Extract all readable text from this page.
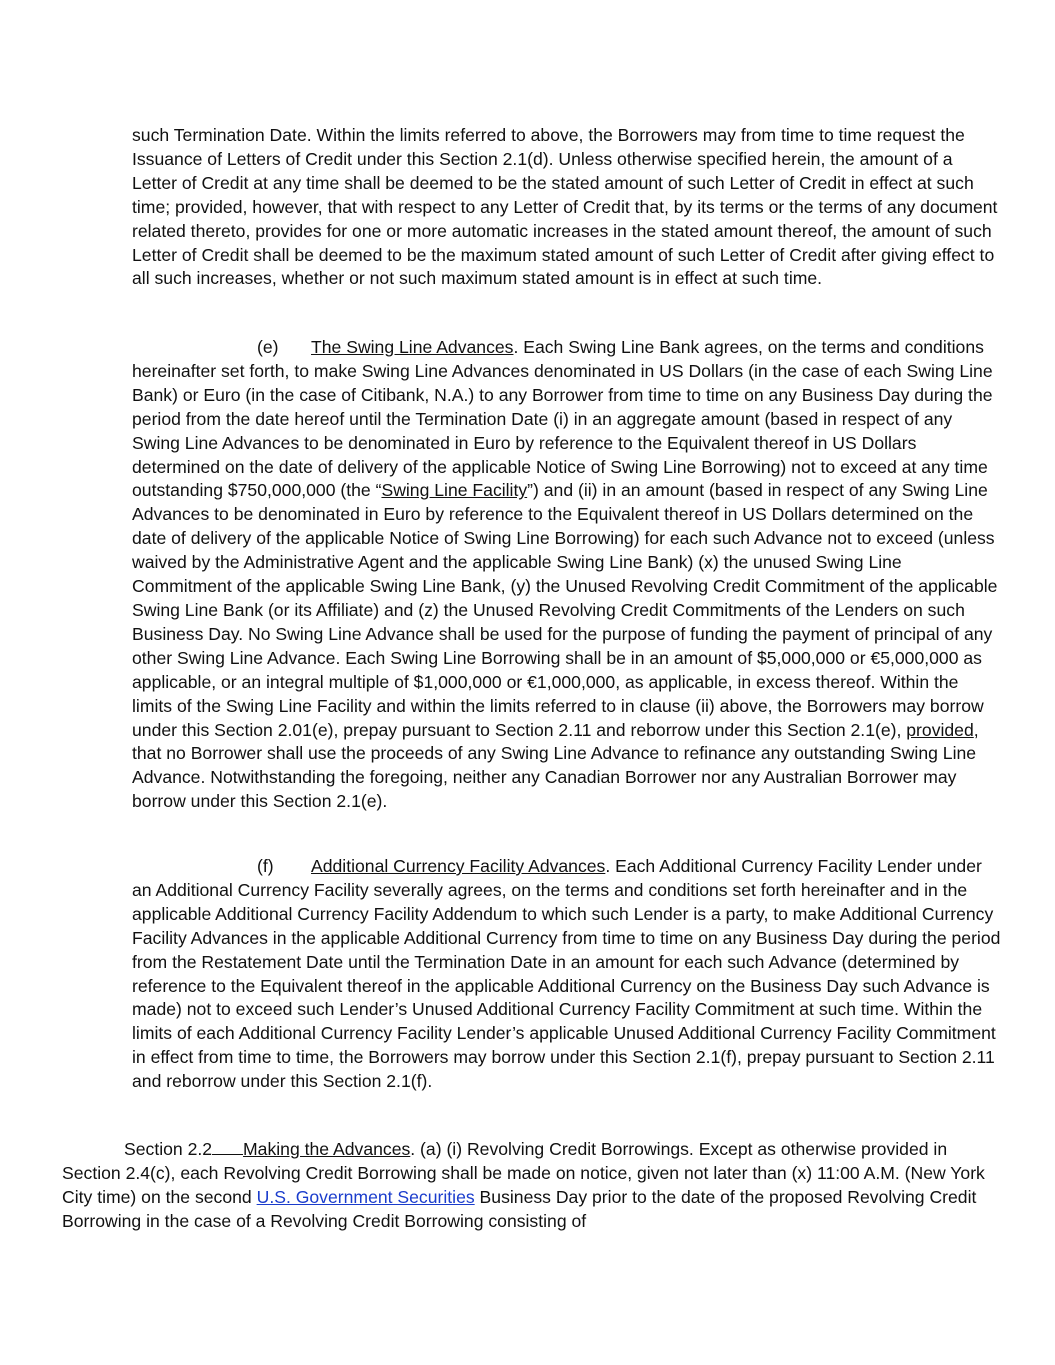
such Termination Date. Within the limits referred to above, the Borrowers may from time to time request the Issuance of Letters of Credit under this Section 2.1(d). Unless otherwise specified herein, the amount of a Letter of Credit at any time shall be deemed to be the stated amount of such Letter of Credit in effect at such time; provided, however, that with respect to any Letter of Credit that, by its terms or the terms of any document related thereto, provides for one or more automatic increases in the stated amount thereof, the amount of such Letter of Credit shall be deemed to be the maximum stated amount of such Letter of Credit after giving effect to all such increases, whether or not such maximum stated amount is in effect at such time.

(e) The Swing Line Advances. Each Swing Line Bank agrees, on the terms and conditions hereinafter set forth, to make Swing Line Advances denominated in US Dollars (in the case of each Swing Line Bank) or Euro (in the case of Citibank, N.A.) to any Borrower from time to time on any Business Day during the period from the date hereof until the Termination Date (i) in an aggregate amount (based in respect of any Swing Line Advances to be denominated in Euro by reference to the Equivalent thereof in US Dollars determined on the date of delivery of the applicable Notice of Swing Line Borrowing) not to exceed at any time outstanding $750,000,000 (the “Swing Line Facility”) and (ii) in an amount (based in respect of any Swing Line Advances to be denominated in Euro by reference to the Equivalent thereof in US Dollars determined on the date of delivery of the applicable Notice of Swing Line Borrowing) for each such Advance not to exceed (unless waived by the Administrative Agent and the applicable Swing Line Bank) (x) the unused Swing Line Commitment of the applicable Swing Line Bank, (y) the Unused Revolving Credit Commitment of the applicable Swing Line Bank (or its Affiliate) and (z) the Unused Revolving Credit Commitments of the Lenders on such Business Day. No Swing Line Advance shall be used for the purpose of funding the payment of principal of any other Swing Line Advance. Each Swing Line Borrowing shall be in an amount of $5,000,000 or €5,000,000 as applicable, or an integral multiple of $1,000,000 or €1,000,000, as applicable, in excess thereof. Within the limits of the Swing Line Facility and within the limits referred to in clause (ii) above, the Borrowers may borrow under this Section 2.01(e), prepay pursuant to Section 2.11 and reborrow under this Section 2.1(e), provided, that no Borrower shall use the proceeds of any Swing Line Advance to refinance any outstanding Swing Line Advance. Notwithstanding the foregoing, neither any Canadian Borrower nor any Australian Borrower may borrow under this Section 2.1(e).

(f) Additional Currency Facility Advances. Each Additional Currency Facility Lender under an Additional Currency Facility severally agrees, on the terms and conditions set forth hereinafter and in the applicable Additional Currency Facility Addendum to which such Lender is a party, to make Additional Currency Facility Advances in the applicable Additional Currency from time to time on any Business Day during the period from the Restatement Date until the Termination Date in an amount for each such Advance (determined by reference to the Equivalent thereof in the applicable Additional Currency on the Business Day such Advance is made) not to exceed such Lender’s Unused Additional Currency Facility Commitment at such time. Within the limits of each Additional Currency Facility Lender’s applicable Unused Additional Currency Facility Commitment in effect from time to time, the Borrowers may borrow under this Section 2.1(f), prepay pursuant to Section 2.11 and reborrow under this Section 2.1(f).

Section 2.2 Making the Advances. (a) (i) Revolving Credit Borrowings. Except as otherwise provided in Section 2.4(c), each Revolving Credit Borrowing shall be made on notice, given not later than (x) 11:00 A.M. (New York City time) on the second U.S. Government Securities Business Day prior to the date of the proposed Revolving Credit Borrowing in the case of a Revolving Credit Borrowing consisting of
